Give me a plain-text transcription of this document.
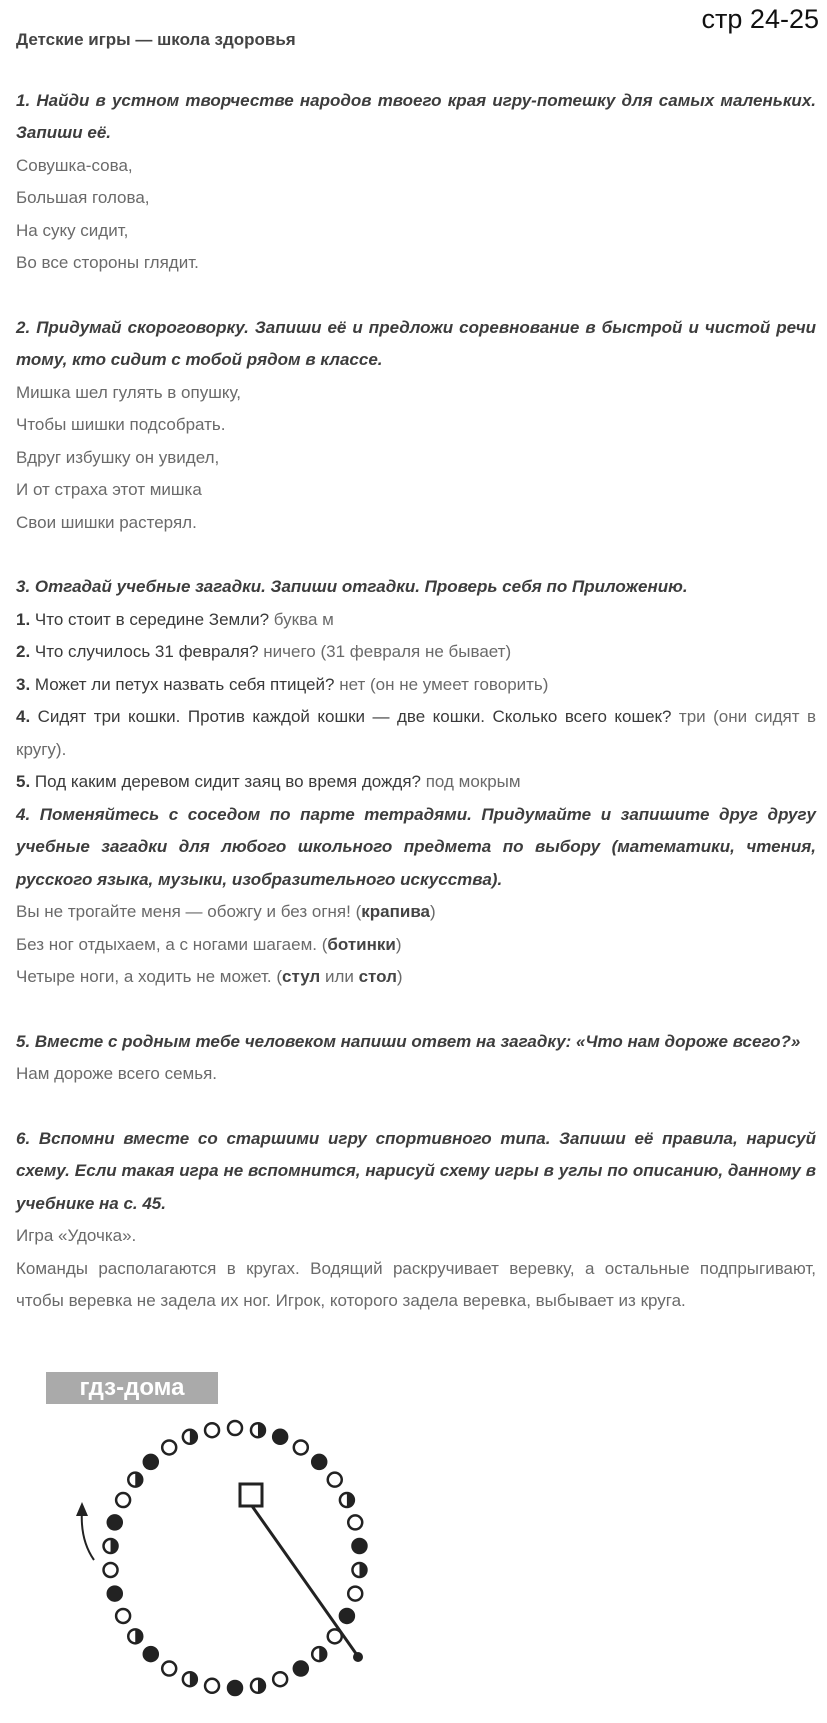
стр 24-25
Детские игры — школа здоровья
1. Найди в устном творчестве народов твоего края игру-потешку для самых маленьких. Запиши её.
Совушка-сова,
Большая голова,
На суку сидит,
Во все стороны глядит.
2. Придумай скороговорку. Запиши её и предложи соревнование в быстрой и чистой речи тому, кто сидит с тобой рядом в классе.
Мишка шел гулять в опушку,
Чтобы шишки подсобрать.
Вдруг избушку он увидел,
И от страха этот мишка
Свои шишки растерял.
3. Отгадай учебные загадки. Запиши отгадки. Проверь себя по Приложению.
1. Что стоит в середине Земли? буква м
2. Что случилось 31 февраля? ничего (31 февраля не бывает)
3. Может ли петух назвать себя птицей? нет (он не умеет говорить)
4. Сидят три кошки. Против каждой кошки — две кошки. Сколько всего кошек? три (они сидят в кругу).
5. Под каким деревом сидит заяц во время дождя? под мокрым
4. Поменяйтесь с соседом по парте тетрадями. Придумайте и запишите друг другу учебные загадки для любого школьного предмета по выбору (математики, чтения, русского языка, музыки, изобразительного искусства).
Вы не трогайте меня — обожгу и без огня! (крапива)
Без ног отдыхаем, а с ногами шагаем. (ботинки)
Четыре ноги, а ходить не может. (стул или стол)
5. Вместе с родным тебе человеком напиши ответ на загадку: «Что нам дороже всего?»
Нам дороже всего семья.
6. Вспомни вместе со старшими игру спортивного типа. Запиши её правила, нарисуй схему. Если такая игра не вспомнится, нарисуй схему игры в углы по описанию, данному в учебнике на с. 45.
Игра «Удочка».
Команды располагаются в кругах. Водящий раскручивает веревку, а остальные подпрыгивают, чтобы веревка не задела их ног. Игрок, которого задела веревка, выбывает из круга.
гдз-дома
